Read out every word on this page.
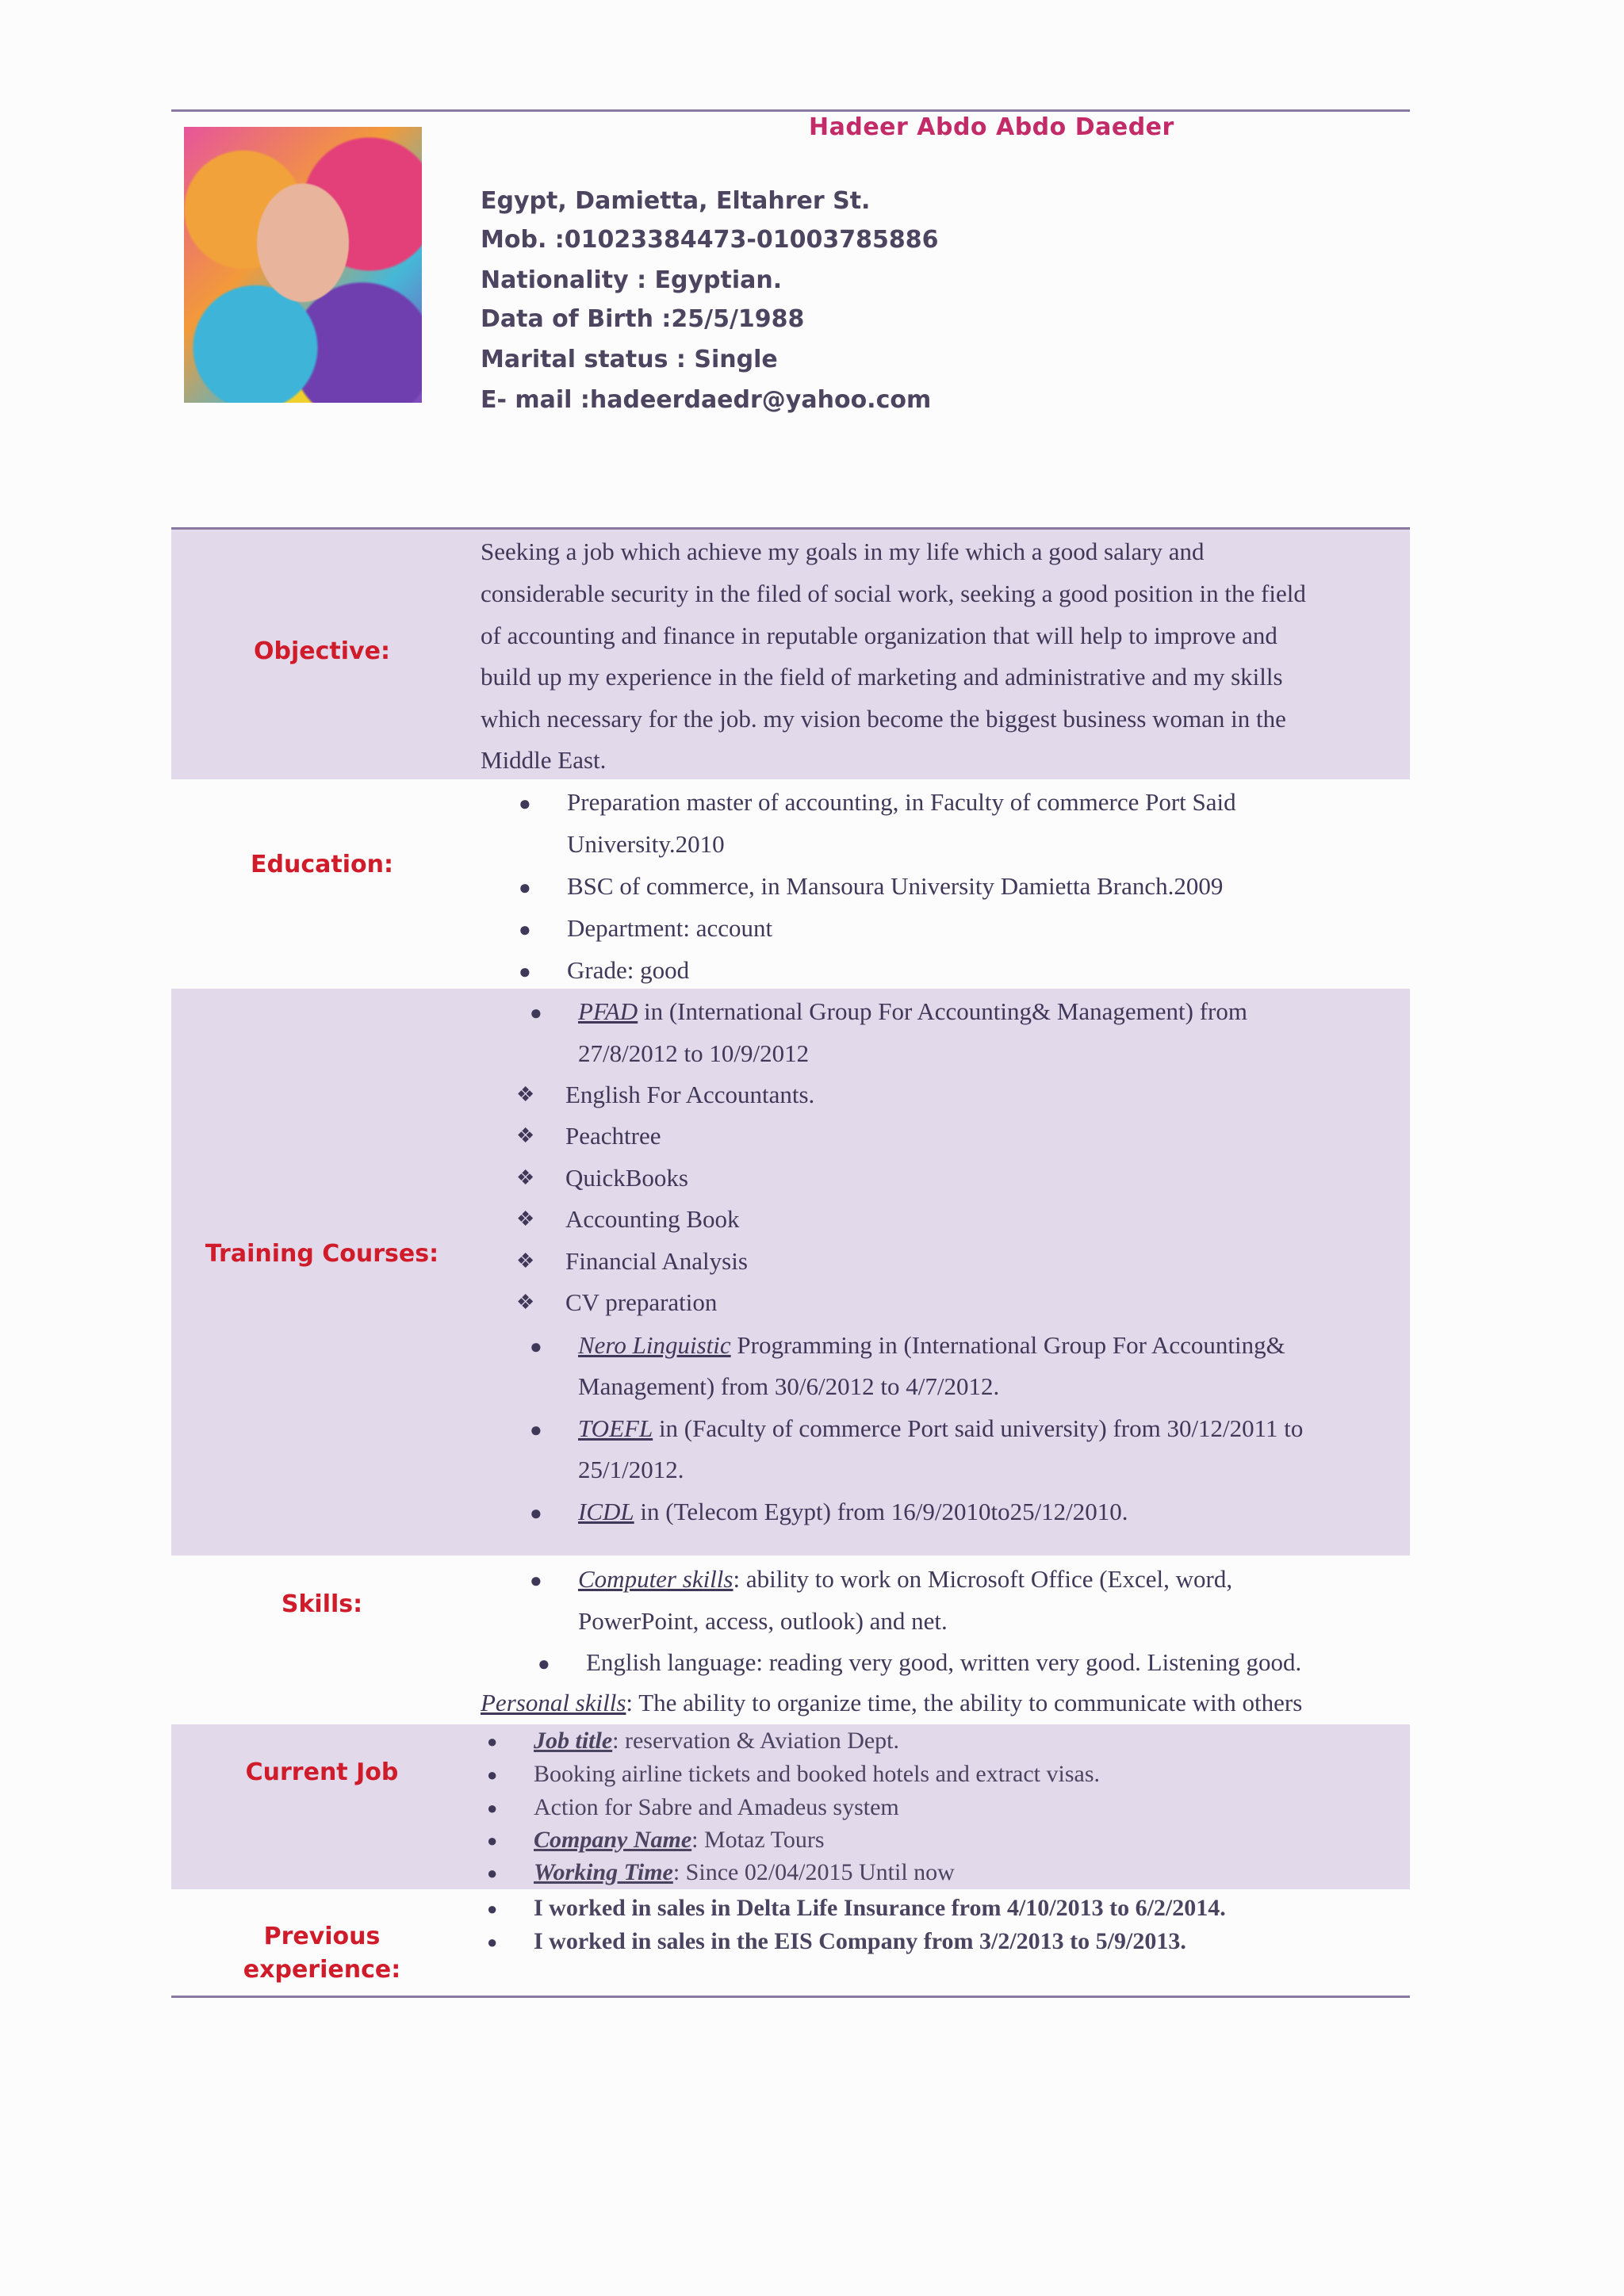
Hadeer Abdo Abdo Daeder
Egypt, Damietta, Eltahrer St.
Mob. :01023384473-01003785886
Nationality : Egyptian.
Data of Birth :25/5/1988
Marital status : Single
E- mail :hadeerdaedr@yahoo.com
Objective:
Seeking a job which achieve my goals in my life which a good salary and
considerable security in the filed of social work, seeking a good position in the field
of accounting and finance in reputable organization that will help to improve and
build up my experience in the field of marketing and administrative and my skills
which necessary for the job. my vision become the biggest business woman in the
Middle East.
Education:
● Preparation master of accounting, in Faculty of commerce Port Said
University.2010
● BSC of commerce, in Mansoura University Damietta Branch.2009
● Department: account
● Grade: good
Training Courses:
● PFAD in (International Group For Accounting& Management) from
27/8/2012 to 10/9/2012
❖ English For Accountants.
❖ Peachtree
❖ QuickBooks
❖ Accounting Book
❖ Financial Analysis
❖ CV preparation
● Nero Linguistic Programming in (International Group For Accounting&
Management) from 30/6/2012 to 4/7/2012.
● TOEFL in (Faculty of commerce Port said university) from 30/12/2011 to
25/1/2012.
● ICDL in (Telecom Egypt) from 16/9/2010to25/12/2010.
Skills:
● Computer skills: ability to work on Microsoft Office (Excel, word,
PowerPoint, access, outlook) and net.
● English language: reading very good, written very good. Listening good.
Personal skills: The ability to organize time, the ability to communicate with others
Current Job
● Job title: reservation & Aviation Dept.
● Booking airline tickets and booked hotels and extract visas.
● Action for Sabre and Amadeus system
● Company Name: Motaz Tours
● Working Time: Since 02/04/2015 Until now
Previous
experience:
● I worked in sales in Delta Life Insurance from 4/10/2013 to 6/2/2014.
● I worked in sales in the EIS Company from 3/2/2013 to 5/9/2013.
